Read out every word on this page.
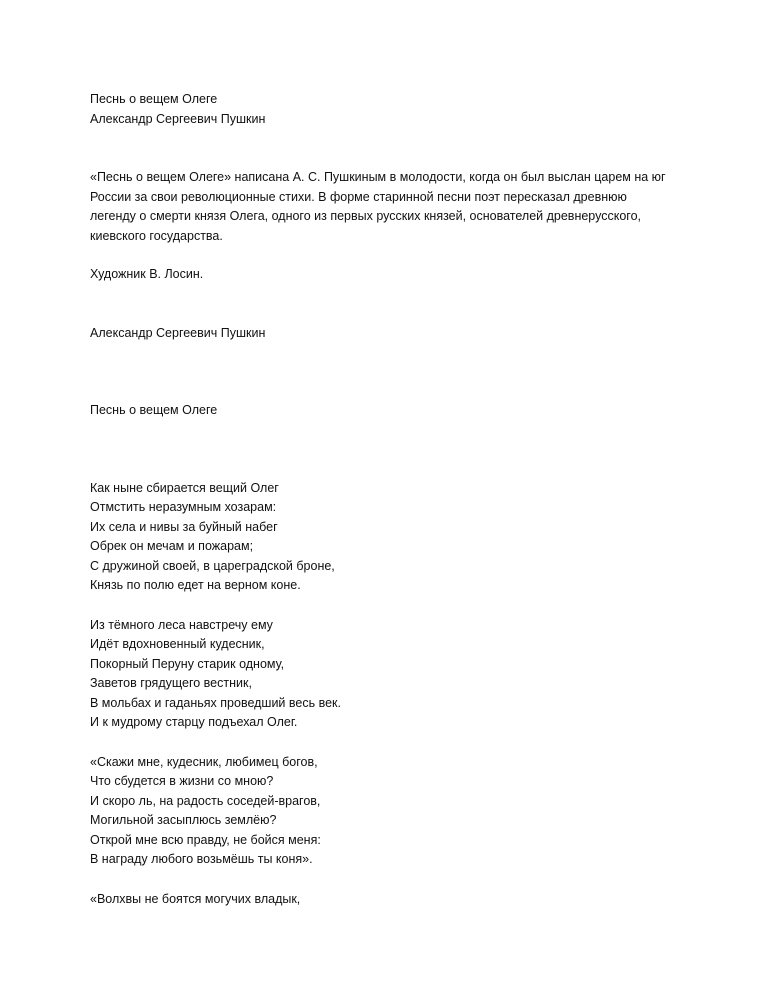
Песнь о вещем Олеге
Александр Сергеевич Пушкин
«Песнь о вещем Олеге» написана А. С. Пушкиным в молодости, когда он был выслан царем на юг
России за свои революционные стихи. В форме старинной песни поэт пересказал древнюю
легенду о смерти князя Олега, одного из первых русских князей, основателей древнерусского,
киевского государства.
Художник В. Лосин.
Александр Сергеевич Пушкин
Песнь о вещем Олеге
Как ныне сбирается вещий Олег
Отмстить неразумным хозарам:
Их села и нивы за буйный набег
Обрек он мечам и пожарам;
С дружиной своей, в цареградской броне,
Князь по полю едет на верном коне.
Из тёмного леса навстречу ему
Идёт вдохновенный кудесник,
Покорный Перуну старик одному,
Заветов грядущего вестник,
В мольбах и гаданьях проведший весь век.
И к мудрому старцу подъехал Олег.
«Скажи мне, кудесник, любимец богов,
Что сбудется в жизни со мною?
И скоро ль, на радость соседей-врагов,
Могильной засыплюсь землёю?
Открой мне всю правду, не бойся меня:
В награду любого возьмёшь ты коня».
«Волхвы не боятся могучих владык,
